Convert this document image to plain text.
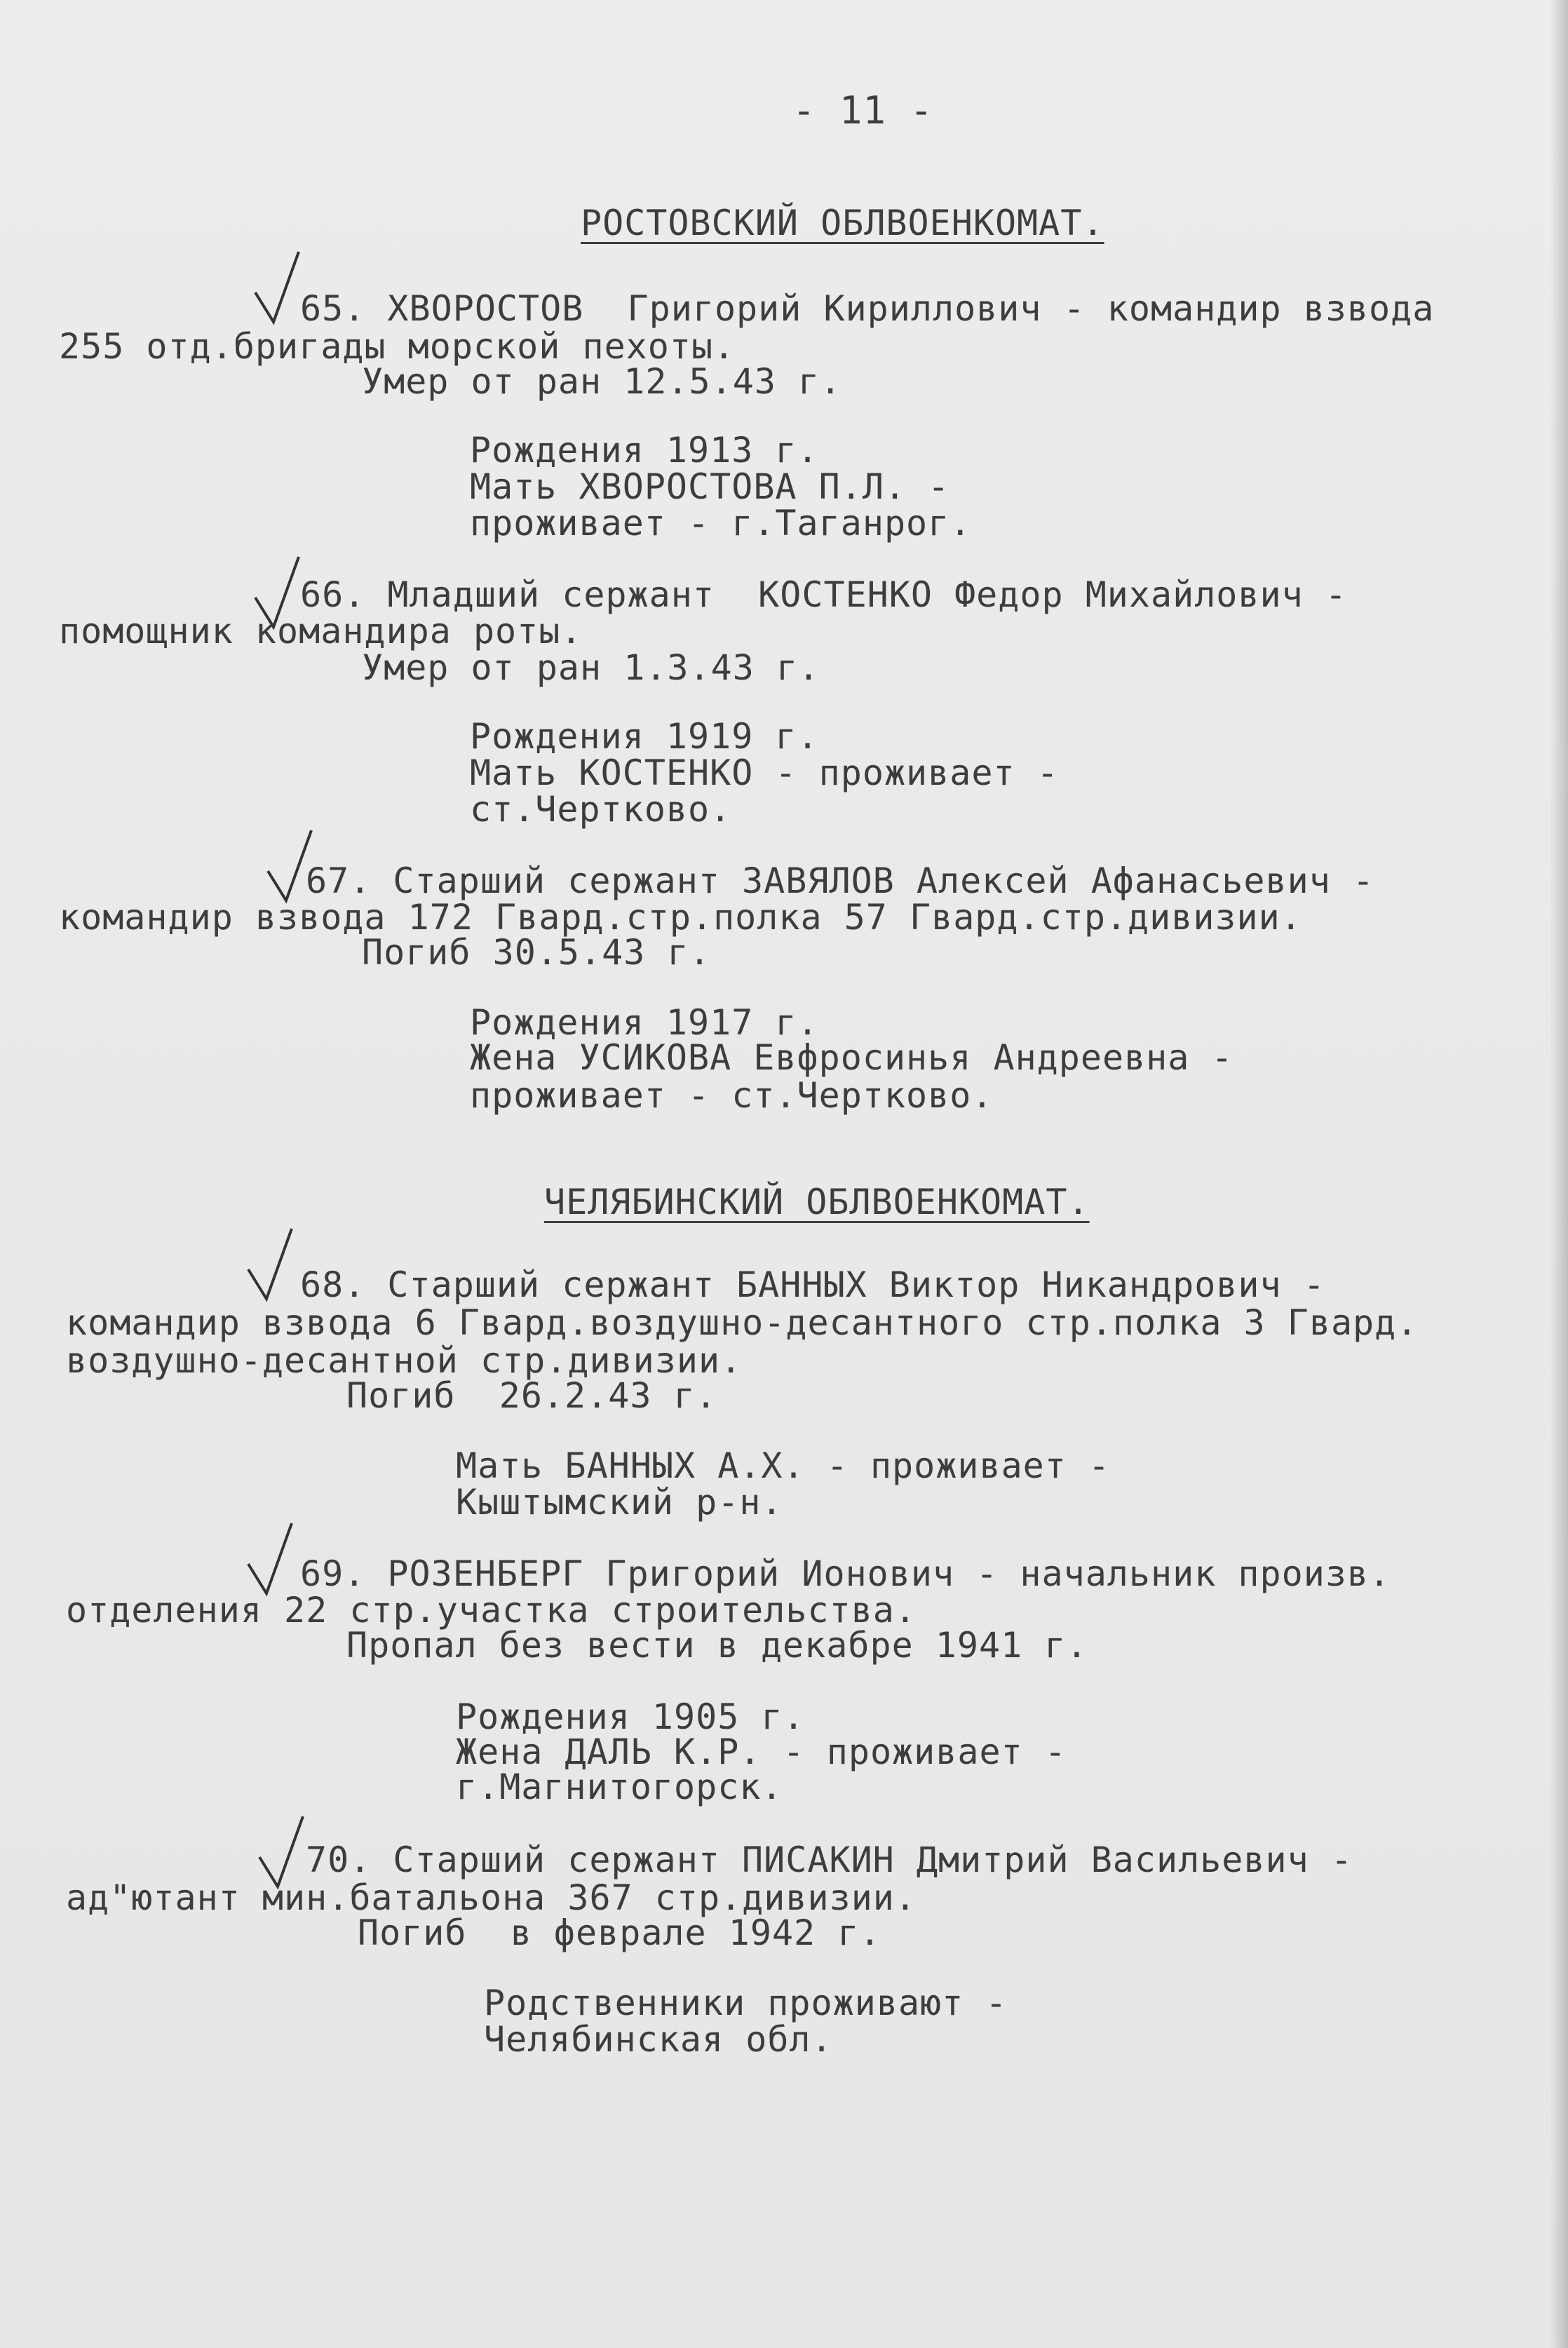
- 11 -
РОСТОВСКИЙ ОБЛВОЕНКОМАТ.
65. ХВОРОСТОВ  Григорий Кириллович - командир взвода
255 отд.бригады морской пехоты.
Умер от ран 12.5.43 г.
Рождения 1913 г.
Мать ХВОРОСТОВА П.Л. -
проживает - г.Таганрог.
66. Младший сержант  КОСТЕНКО Федор Михайлович -
помощник командира роты.
Умер от ран 1.3.43 г.
Рождения 1919 г.
Мать КОСТЕНКО - проживает -
ст.Чертково.
67. Старший сержант ЗАВЯЛОВ Алексей Афанасьевич -
командир взвода 172 Гвард.стр.полка 57 Гвард.стр.дивизии.
Погиб 30.5.43 г.
Рождения 1917 г.
Жена УСИКОВА Евфросинья Андреевна -
проживает - ст.Чертково.
ЧЕЛЯБИНСКИЙ ОБЛВОЕНКОМАТ.
68. Старший сержант БАННЫХ Виктор Никандрович -
командир взвода 6 Гвард.воздушно-десантного стр.полка 3 Гвард.
воздушно-десантной стр.дивизии.
Погиб  26.2.43 г.
Мать БАННЫХ А.Х. - проживает -
Кыштымский р-н.
69. РОЗЕНБЕРГ Григорий Ионович - начальник произв.
отделения 22 стр.участка строительства.
Пропал без вести в декабре 1941 г.
Рождения 1905 г.
Жена ДАЛЬ К.Р. - проживает -
г.Магнитогорск.
70. Старший сержант ПИСАКИН Дмитрий Васильевич -
ад"ютант мин.батальона 367 стр.дивизии.
Погиб  в феврале 1942 г.
Родственники проживают -
Челябинская обл.
